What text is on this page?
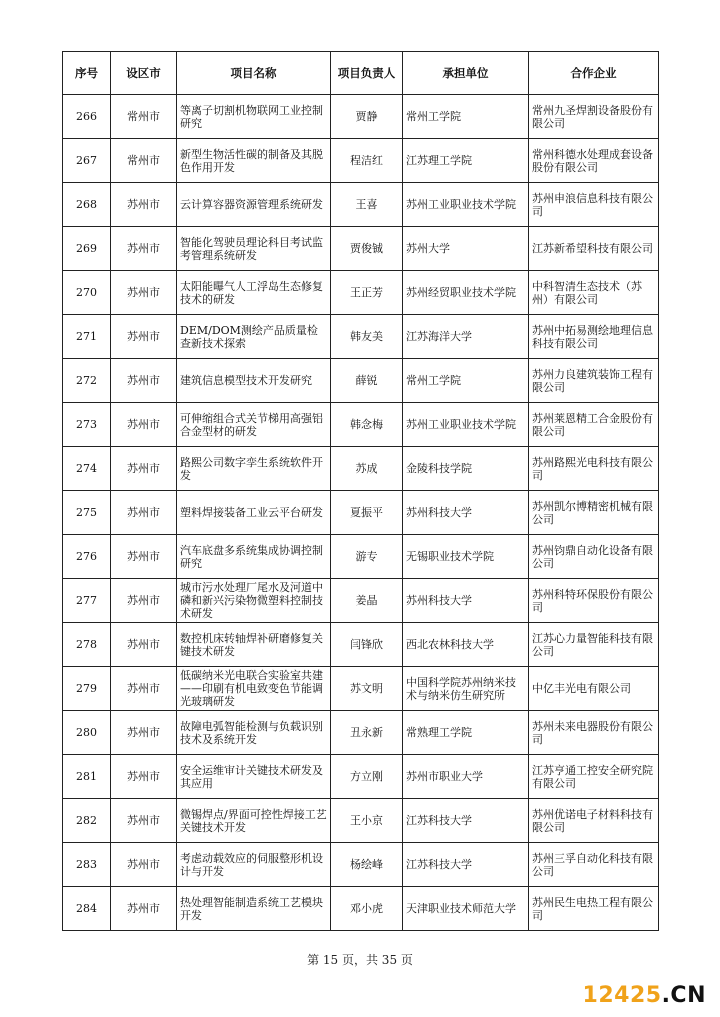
序号	设区市	项目名称	项目负责人	承担单位	合作企业
266	常州市	等离子切割机物联网工业控制研究	贾静	常州工学院	常州九圣焊割设备股份有限公司
267	常州市	新型生物活性碳的制备及其脱色作用开发	程洁红	江苏理工学院	常州科德水处理成套设备股份有限公司
268	苏州市	云计算容器资源管理系统研发	王喜	苏州工业职业技术学院	苏州申浪信息科技有限公司
269	苏州市	智能化驾驶员理论科目考试监考管理系统研发	贾俊铖	苏州大学	江苏新希望科技有限公司
270	苏州市	太阳能曝气人工浮岛生态修复技术的研发	王正芳	苏州经贸职业技术学院	中科智清生态技术（苏州）有限公司
271	苏州市	DEM/DOM测绘产品质量检查新技术探索	韩友美	江苏海洋大学	苏州中拓易测绘地理信息科技有限公司
272	苏州市	建筑信息模型技术开发研究	薛锐	常州工学院	苏州力良建筑装饰工程有限公司
273	苏州市	可伸缩组合式关节梯用高强铝合金型材的研发	韩念梅	苏州工业职业技术学院	苏州莱恩精工合金股份有限公司
274	苏州市	路熙公司数字孪生系统软件开发	苏成	金陵科技学院	苏州路熙光电科技有限公司
275	苏州市	塑料焊接装备工业云平台研发	夏振平	苏州科技大学	苏州凯尔博精密机械有限公司
276	苏州市	汽车底盘多系统集成协调控制研究	游专	无锡职业技术学院	苏州钧鼎自动化设备有限公司
277	苏州市	城市污水处理厂尾水及河道中磷和新兴污染物微塑料控制技术研发	姜晶	苏州科技大学	苏州科特环保股份有限公司
278	苏州市	数控机床转轴焊补研磨修复关键技术研发	闫锋欣	西北农林科技大学	江苏心力量智能科技有限公司
279	苏州市	低碳纳米光电联合实验室共建——印刷有机电致变色节能调光玻璃研发	苏文明	中国科学院苏州纳米技术与纳米仿生研究所	中亿丰光电有限公司
280	苏州市	故障电弧智能检测与负载识别技术及系统开发	丑永新	常熟理工学院	苏州未来电器股份有限公司
281	苏州市	安全运维审计关键技术研发及其应用	方立刚	苏州市职业大学	江苏亨通工控安全研究院有限公司
282	苏州市	微锡焊点/界面可控性焊接工艺关键技术开发	王小京	江苏科技大学	苏州优诺电子材料科技有限公司
283	苏州市	考虑动载效应的伺服整形机设计与开发	杨绘峰	江苏科技大学	苏州三孚自动化科技有限公司
284	苏州市	热处理智能制造系统工艺模块开发	邓小虎	天津职业技术师范大学	苏州民生电热工程有限公司
第 15 页，共 35 页
12425.CN
